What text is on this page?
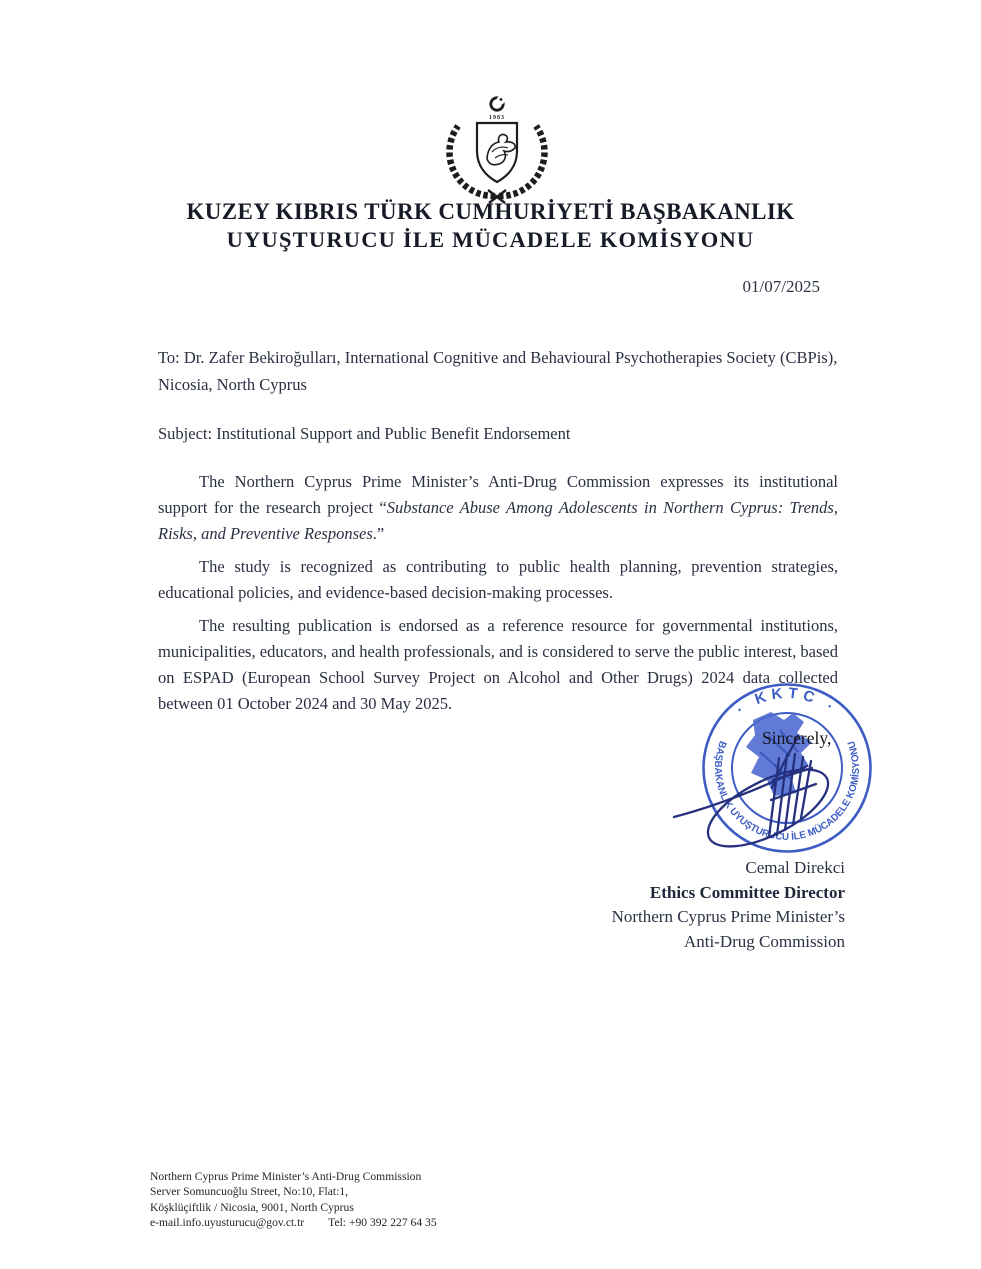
1983
KUZEY KIBRIS TÜRK CUMHURİYETİ BAŞBAKANLIK
UYUŞTURUCU İLE MÜCADELE KOMİSYONU
01/07/2025

To: Dr. Zafer Bekiroğulları, International Cognitive and Behavioural Psychotherapies Society (CBPis), Nicosia, North Cyprus

Subject: Institutional Support and Public Benefit Endorsement

The Northern Cyprus Prime Minister’s Anti-Drug Commission expresses its institutional support for the research project “Substance Abuse Among Adolescents in Northern Cyprus: Trends, Risks, and Preventive Responses.”

The study is recognized as contributing to public health planning, prevention strategies, educational policies, and evidence-based decision-making processes.

The resulting publication is endorsed as a reference resource for governmental institutions, municipalities, educators, and health professionals, and is considered to serve the public interest, based on ESPAD (European School Survey Project on Alcohol and Other Drugs) 2024 data collected between 01 October 2024 and 30 May 2025.	· KKTC ·
BAŞBAKANLIK UYUŞTURUCU İLE MÜCADELE KOMİSYONU
Sincerely,
Cemal Direkci
Ethics Committee Director
Northern Cyprus Prime Minister’s
Anti-Drug Commission
Northern Cyprus Prime Minister’s Anti-Drug Commission
Server Somuncuoğlu Street, No:10, Flat:1,
Köşklüçiftlik / Nicosia, 9001, North Cyprus
e-mail.info.uyusturucu@gov.ct.tr Tel: +90 392 227 64 35
